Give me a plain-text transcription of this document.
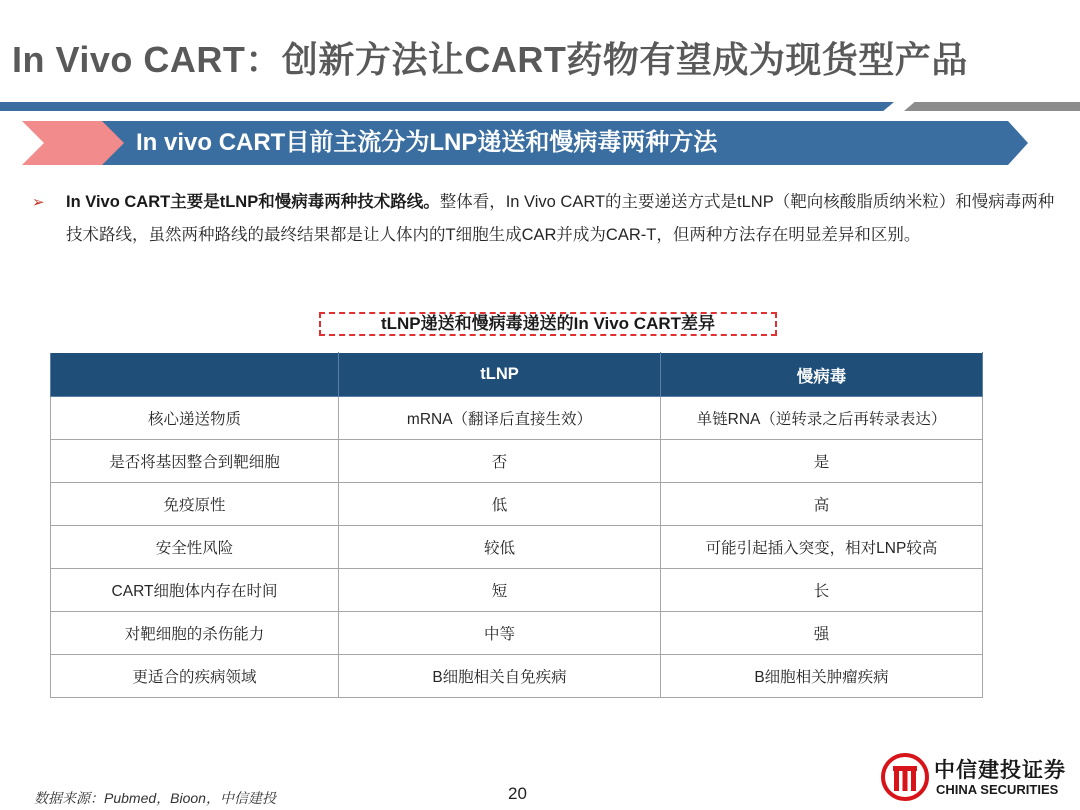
In Vivo CART：创新方法让CART药物有望成为现货型产品
In vivo CART目前主流分为LNP递送和慢病毒两种方法
➢ In Vivo CART主要是tLNP和慢病毒两种技术路线。整体看，In Vivo CART的主要递送方式是tLNP（靶向核酸脂质纳米粒）和慢病毒两种技术路线，虽然两种路线的最终结果都是让人体内的T细胞生成CAR并成为CAR-T，但两种方法存在明显差异和区别。
tLNP递送和慢病毒递送的In Vivo CART差异
	tLNP	慢病毒
核心递送物质	mRNA（翻译后直接生效）	单链RNA（逆转录之后再转录表达）
是否将基因整合到靶细胞	否	是
免疫原性	低	高
安全性风险	较低	可能引起插入突变，相对LNP较高
CART细胞体内存在时间	短	长
对靶细胞的杀伤能力	中等	强
更适合的疾病领域	B细胞相关自免疾病	B细胞相关肿瘤疾病
数据来源：Pubmed，Bioon，中信建投	20
中信建投证券
CHINA SECURITIES
